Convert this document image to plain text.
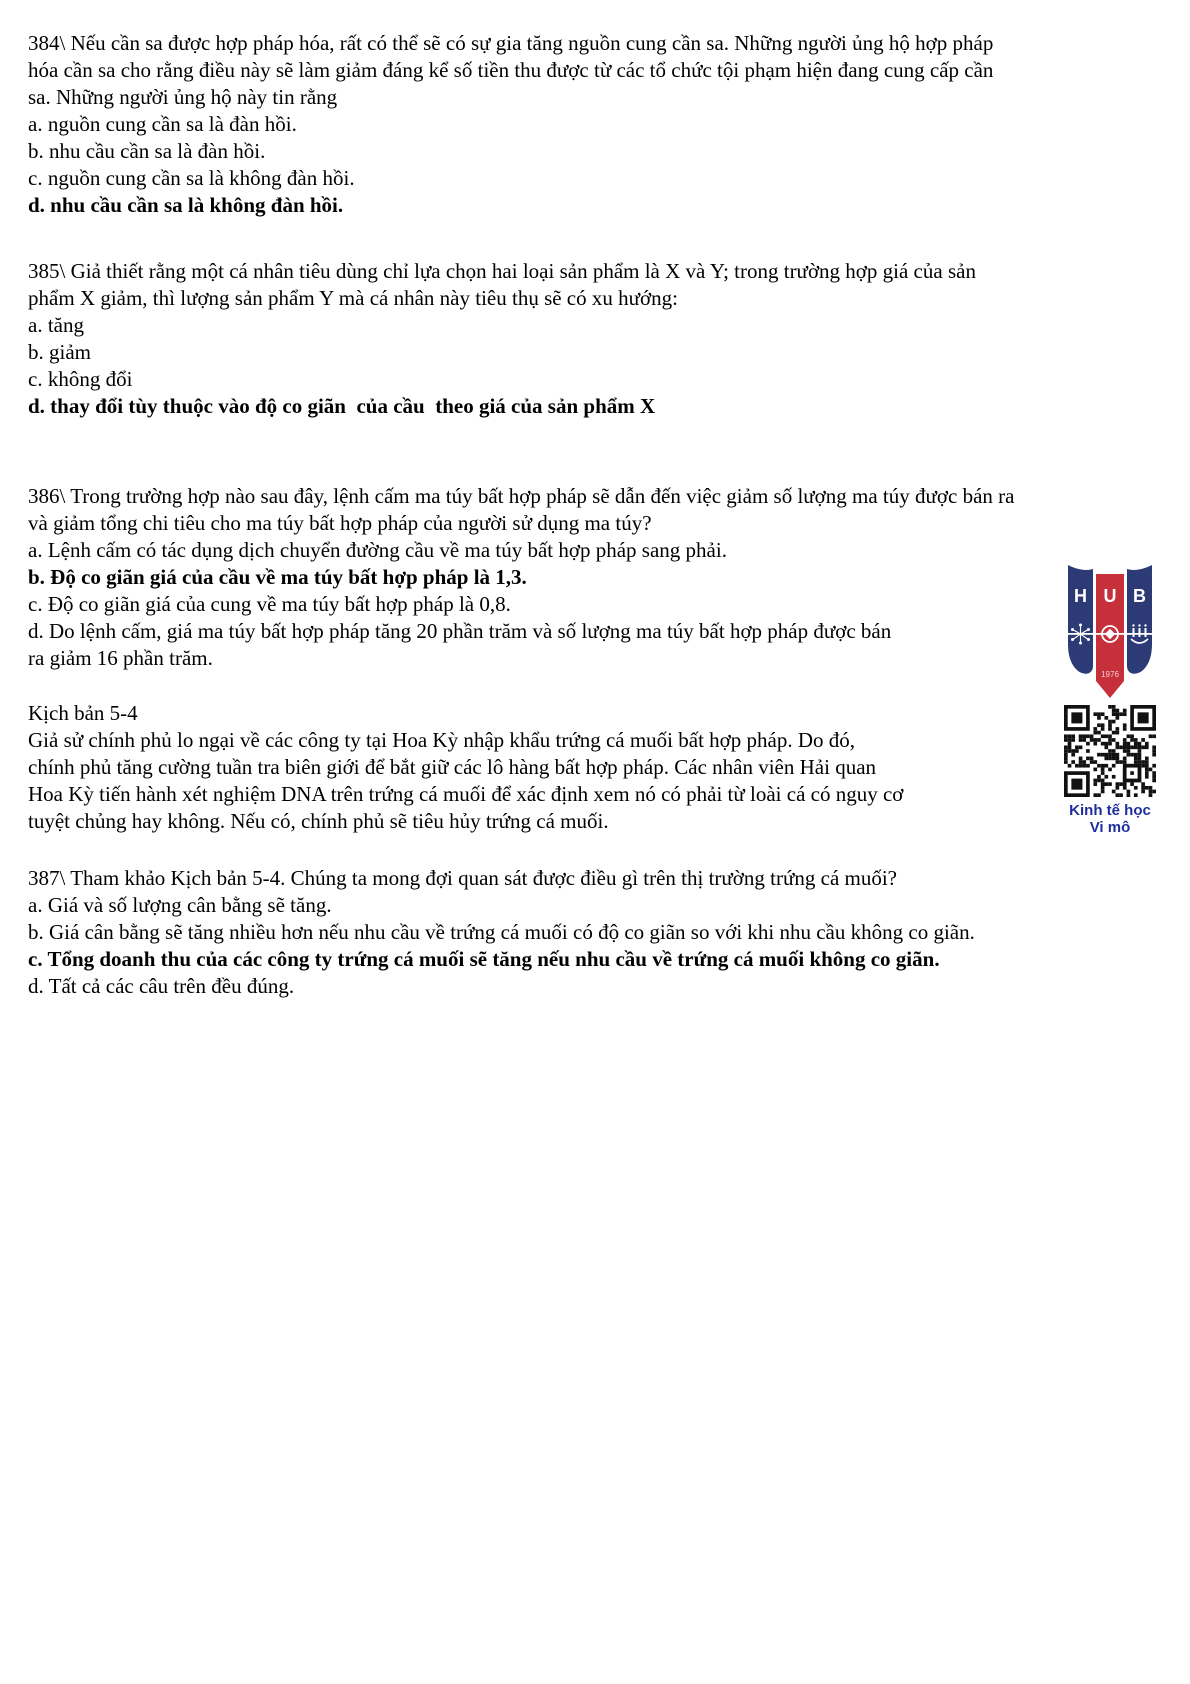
384\ Nếu cần sa được hợp pháp hóa, rất có thể sẽ có sự gia tăng nguồn cung cần sa. Những người ủng hộ hợp pháp
hóa cần sa cho rằng điều này sẽ làm giảm đáng kể số tiền thu được từ các tổ chức tội phạm hiện đang cung cấp cần
sa. Những người ủng hộ này tin rằng
a. nguồn cung cần sa là đàn hồi.
b. nhu cầu cần sa là đàn hồi.
c. nguồn cung cần sa là không đàn hồi.
d. nhu cầu cần sa là không đàn hồi.
385\ Giả thiết rằng một cá nhân tiêu dùng chỉ lựa chọn hai loại sản phẩm là X và Y; trong trường hợp giá của sản
phẩm X giảm, thì lượng sản phẩm Y mà cá nhân này tiêu thụ sẽ có xu hướng:
a. tăng
b. giảm
c. không đổi
d. thay đổi tùy thuộc vào độ co giãn  của cầu  theo giá của sản phẩm X
386\ Trong trường hợp nào sau đây, lệnh cấm ma túy bất hợp pháp sẽ dẫn đến việc giảm số lượng ma túy được bán ra
và giảm tổng chi tiêu cho ma túy bất hợp pháp của người sử dụng ma túy?
a. Lệnh cấm có tác dụng dịch chuyển đường cầu về ma túy bất hợp pháp sang phải.
b. Độ co giãn giá của cầu về ma túy bất hợp pháp là 1,3.
c. Độ co giãn giá của cung về ma túy bất hợp pháp là 0,8.
d. Do lệnh cấm, giá ma túy bất hợp pháp tăng 20 phần trăm và số lượng ma túy bất hợp pháp được bán
ra giảm 16 phần trăm.
Kịch bản 5-4
Giả sử chính phủ lo ngại về các công ty tại Hoa Kỳ nhập khẩu trứng cá muối bất hợp pháp. Do đó,
chính phủ tăng cường tuần tra biên giới để bắt giữ các lô hàng bất hợp pháp. Các nhân viên Hải quan
Hoa Kỳ tiến hành xét nghiệm DNA trên trứng cá muối để xác định xem nó có phải từ loài cá có nguy cơ
tuyệt chủng hay không. Nếu có, chính phủ sẽ tiêu hủy trứng cá muối.
387\ Tham khảo Kịch bản 5-4. Chúng ta mong đợi quan sát được điều gì trên thị trường trứng cá muối?
a. Giá và số lượng cân bằng sẽ tăng.
b. Giá cân bằng sẽ tăng nhiều hơn nếu nhu cầu về trứng cá muối có độ co giãn so với khi nhu cầu không co giãn.
c. Tổng doanh thu của các công ty trứng cá muối sẽ tăng nếu nhu cầu về trứng cá muối không co giãn.
d. Tất cả các câu trên đều đúng.
H U B
1976
Kinh tế học
Vi mô
